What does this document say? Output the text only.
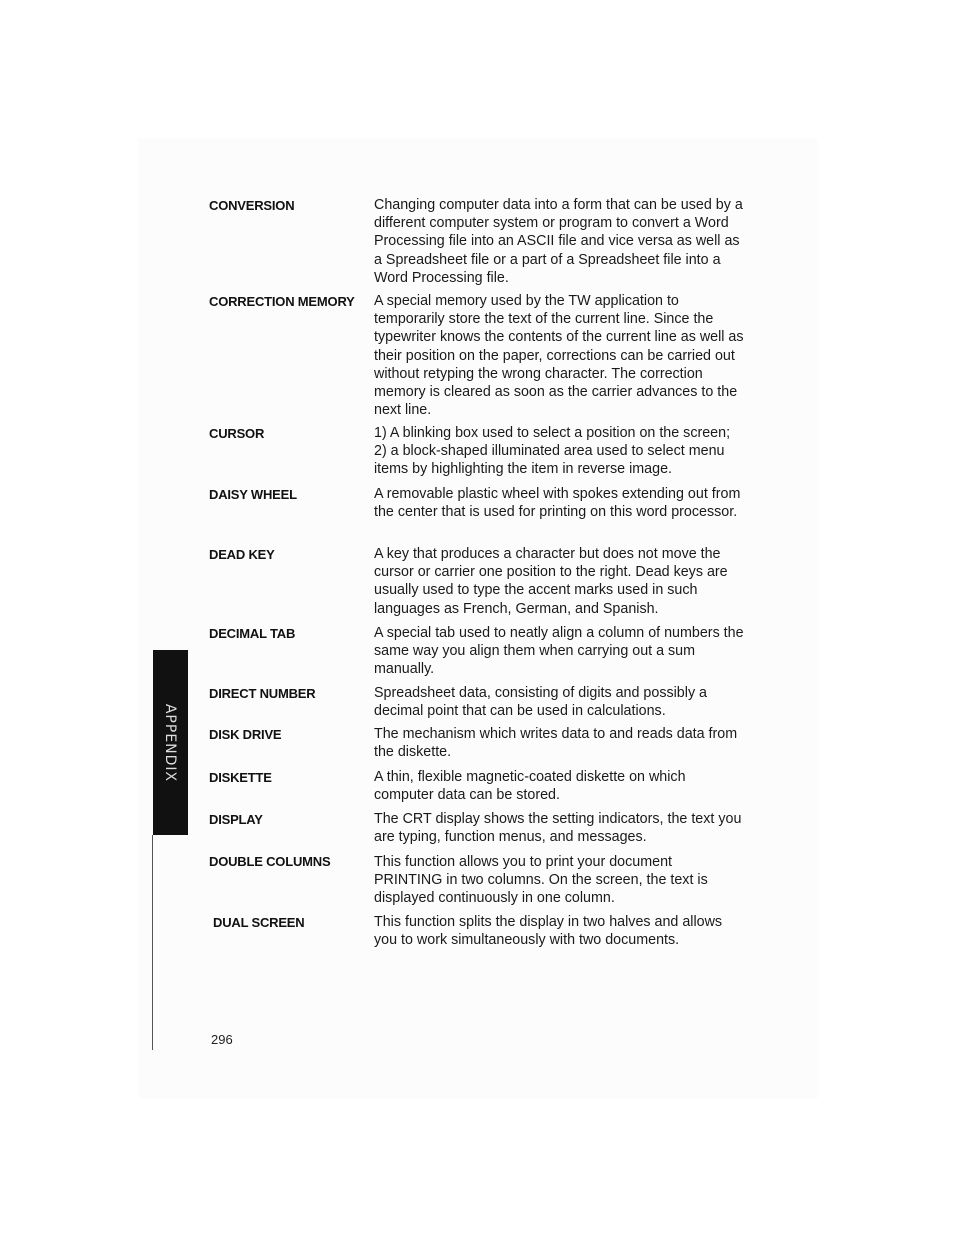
APPENDIX
CONVERSION	Changing computer data into a form that can be used by a different computer system or program to convert a Word Processing file into an ASCII file and vice versa as well as a Spreadsheet file or a part of a Spreadsheet file into a Word Processing file.
CORRECTION MEMORY	A special memory used by the TW application to temporarily store the text of the current line. Since the typewriter knows the contents of the current line as well as their position on the paper, corrections can be carried out without retyping the wrong character. The correction memory is cleared as soon as the carrier advances to the next line.
CURSOR	1) A blinking box used to select a position on the screen; 2) a block-shaped illuminated area used to select menu items by highlighting the item in reverse image.
DAISY WHEEL	A removable plastic wheel with spokes extending out from the center that is used for printing on this word processor.
DEAD KEY	A key that produces a character but does not move the cursor or carrier one position to the right. Dead keys are usually used to type the accent marks used in such languages as French, German, and Spanish.
DECIMAL TAB	A special tab used to neatly align a column of numbers the same way you align them when carrying out a sum manually.
DIRECT NUMBER	Spreadsheet data, consisting of digits and possibly a decimal point that can be used in calculations.
DISK DRIVE	The mechanism which writes data to and reads data from the diskette.
DISKETTE	A thin, flexible magnetic-coated diskette on which computer data can be stored.
DISPLAY	The CRT display shows the setting indicators, the text you are typing, function menus, and messages.
DOUBLE COLUMNS	This function allows you to print your document PRINTING in two columns. On the screen, the text is displayed continuously in one column.
DUAL SCREEN	This function splits the display in two halves and allows you to work simultaneously with two documents.
296
